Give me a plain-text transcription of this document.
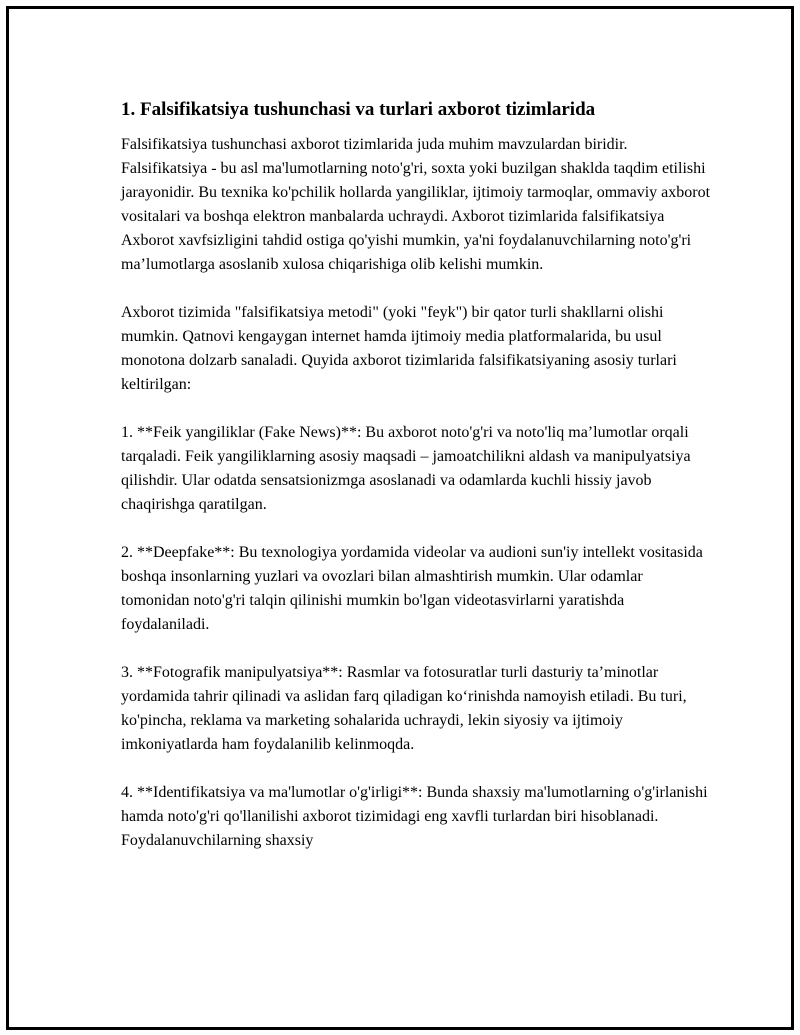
1. Falsifikatsiya tushunchasi va turlari axborot tizimlarida

Falsifikatsiya tushunchasi axborot tizimlarida juda muhim mavzulardan biridir. Falsifikatsiya - bu asl ma'lumotlarning noto'g'ri, soxta yoki buzilgan shaklda taqdim etilishi jarayonidir. Bu texnika ko'pchilik hollarda yangiliklar, ijtimoiy tarmoqlar, ommaviy axborot vositalari va boshqa elektron manbalarda uchraydi. Axborot tizimlarida falsifikatsiya Axborot xavfsizligini tahdid ostiga qo'yishi mumkin, ya'ni foydalanuvchilarning noto'g'ri ma’lumotlarga asoslanib xulosa chiqarishiga olib kelishi mumkin.

Axborot tizimida "falsifikatsiya metodi" (yoki "feyk") bir qator turli shakllarni olishi mumkin. Qatnovi kengaygan internet hamda ijtimoiy media platformalarida, bu usul monotona dolzarb sanaladi. Quyida axborot tizimlarida falsifikatsiyaning asosiy turlari keltirilgan:

1. **Feik yangiliklar (Fake News)**: Bu axborot noto'g'ri va noto'liq ma’lumotlar orqali tarqaladi. Feik yangiliklarning asosiy maqsadi – jamoatchilikni aldash va manipulyatsiya qilishdir. Ular odatda sensatsionizmga asoslanadi va odamlarda kuchli hissiy javob chaqirishga qaratilgan.

2. **Deepfake**: Bu texnologiya yordamida videolar va audioni sun'iy intellekt vositasida boshqa insonlarning yuzlari va ovozlari bilan almashtirish mumkin. Ular odamlar tomonidan noto'g'ri talqin qilinishi mumkin bo'lgan videotasvirlarni yaratishda foydalaniladi.

3. **Fotografik manipulyatsiya**: Rasmlar va fotosuratlar turli dasturiy ta’minotlar yordamida tahrir qilinadi va aslidan farq qiladigan ko‘rinishda namoyish etiladi. Bu turi, ko'pincha, reklama va marketing sohalarida uchraydi, lekin siyosiy va ijtimoiy imkoniyatlarda ham foydalanilib kelinmoqda.

4. **Identifikatsiya va ma'lumotlar o'g'irligi**: Bunda shaxsiy ma'lumotlarning o'g'irlanishi hamda noto'g'ri qo'llanilishi axborot tizimidagi eng xavfli turlardan biri hisoblanadi. Foydalanuvchilarning shaxsiy
